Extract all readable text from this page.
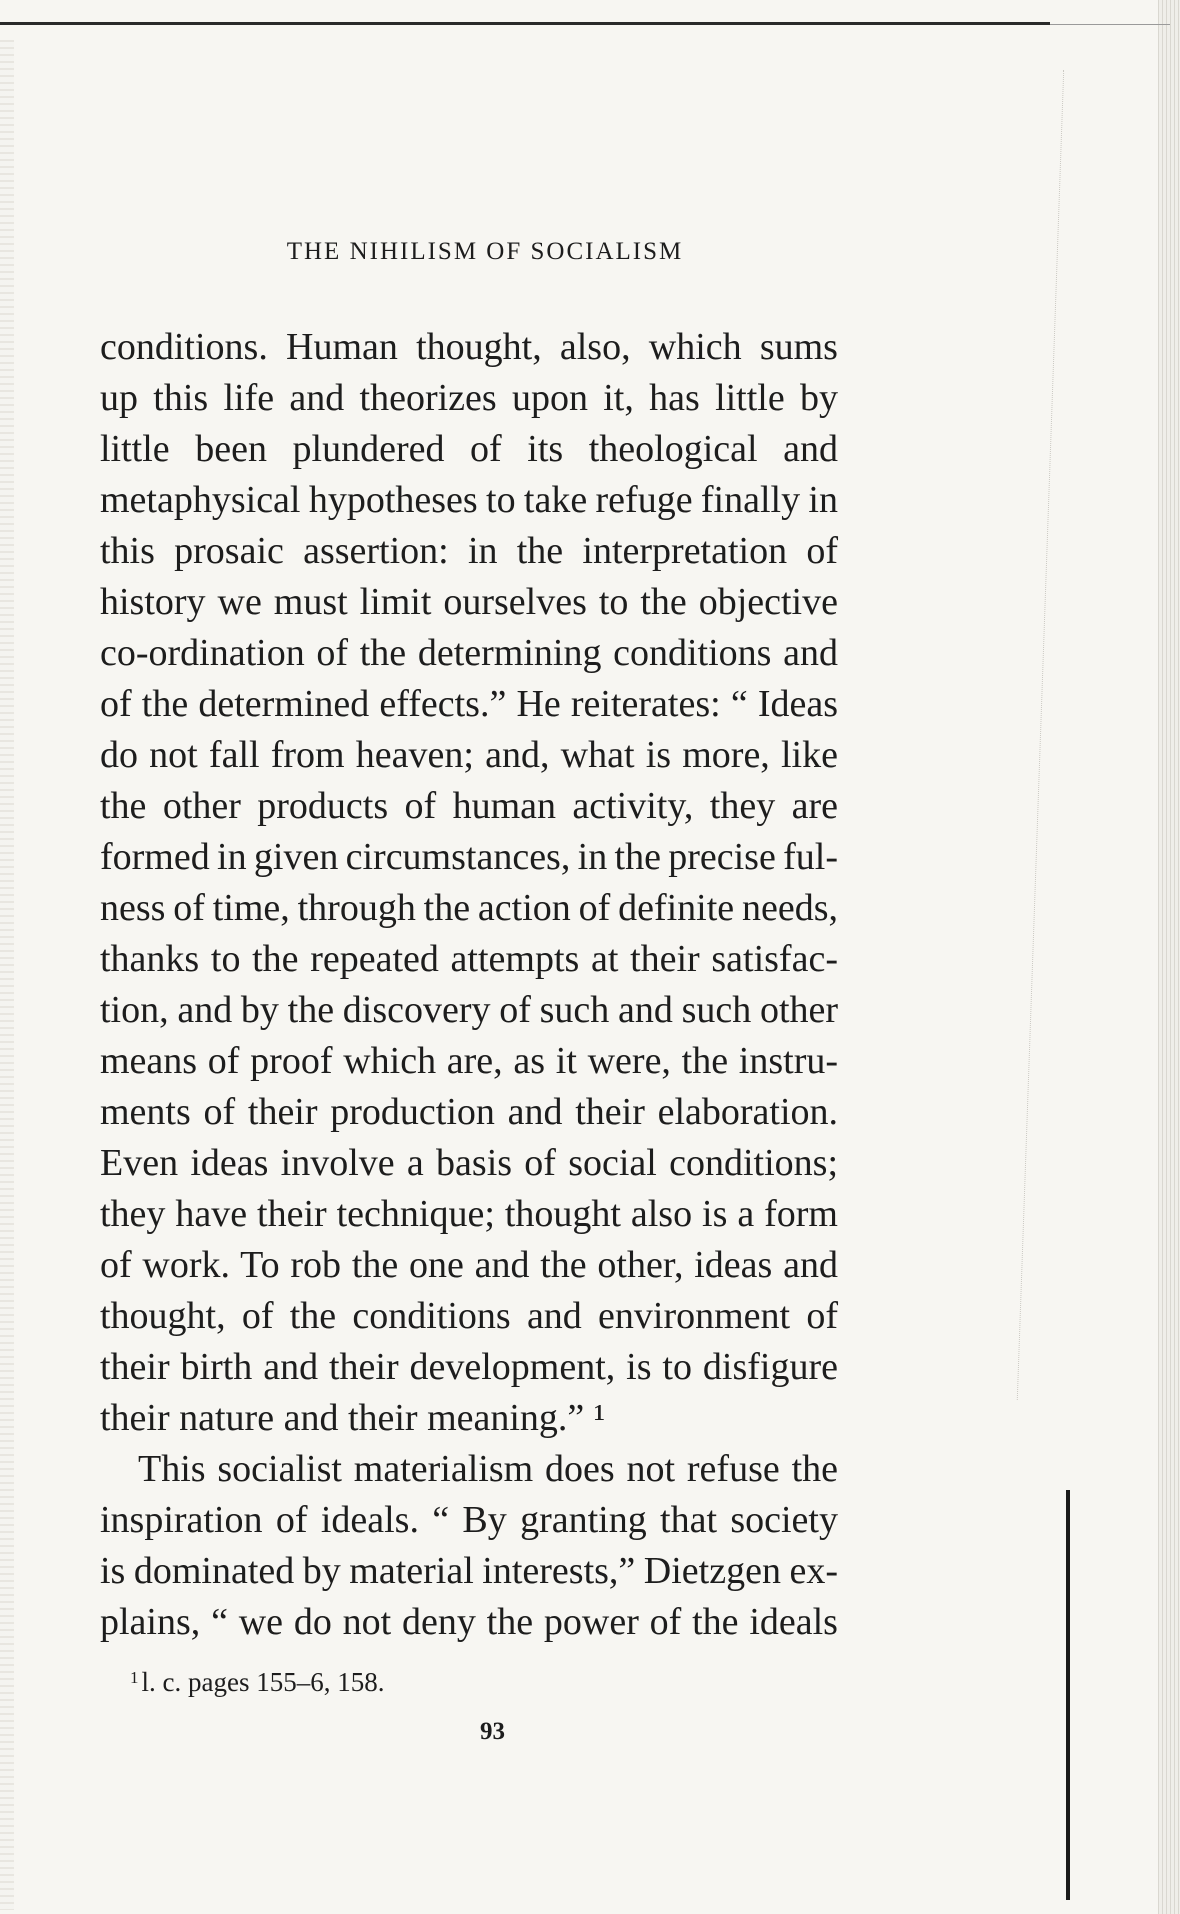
THE NIHILISM OF SOCIALISM
conditions. Human thought, also, which sums
up this life and theorizes upon it, has little by
little been plundered of its theological and
metaphysical hypotheses to take refuge finally in
this prosaic assertion: in the interpretation of
history we must limit ourselves to the objective
co-ordination of the determining conditions and
of the determined effects.” He reiterates: “ Ideas
do not fall from heaven; and, what is more, like
the other products of human activity, they are
formed in given circumstances, in the precise ful-
ness of time, through the action of definite needs,
thanks to the repeated attempts at their satisfac-
tion, and by the discovery of such and such other
means of proof which are, as it were, the instru-
ments of their production and their elaboration.
Even ideas involve a basis of social conditions;
they have their technique; thought also is a form
of work. To rob the one and the other, ideas and
thought, of the conditions and environment of
their birth and their development, is to disfigure
their nature and their meaning.” ¹
This socialist materialism does not refuse the
inspiration of ideals. “ By granting that society
is dominated by material interests,” Dietzgen ex-
plains, “ we do not deny the power of the ideals
$^1$ l. c. pages 155–6, 158.
93
